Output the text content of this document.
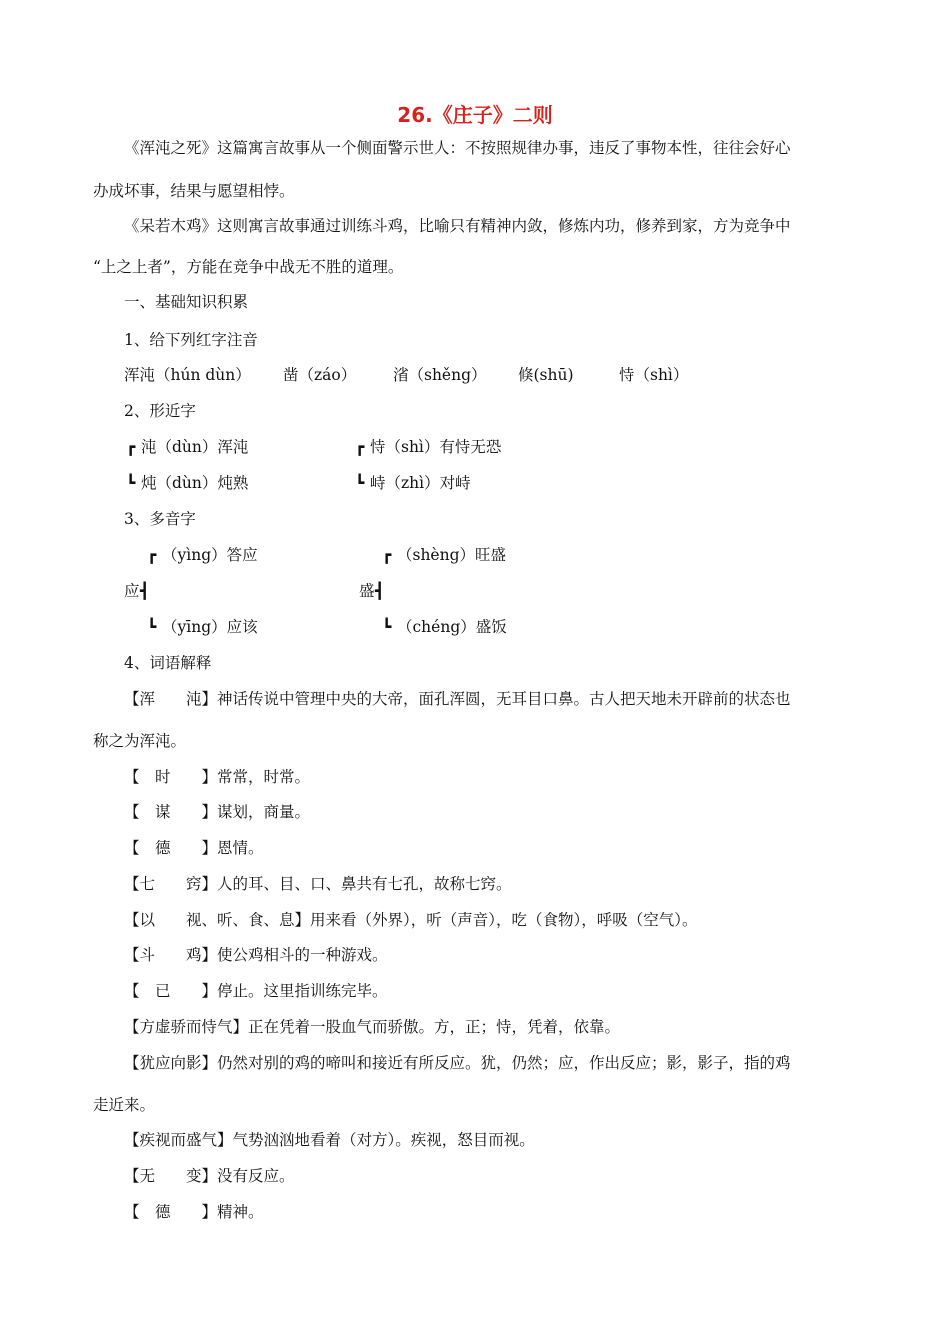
26.《庄子》二则
《浑沌之死》这篇寓言故事从一个侧面警示世人：不按照规律办事，违反了事物本性，往往会好心
办成坏事，结果与愿望相悖。
《呆若木鸡》这则寓言故事通过训练斗鸡，比喻只有精神内敛，修炼内功，修养到家，方为竞争中
“上之上者”，方能在竞争中战无不胜的道理。
一、基础知识积累
1、给下列红字注音
浑沌（hún dùn） 凿（záo） 渻（shěng） 倏(shū)	恃（shì）
2、形近字
┏ 沌（dùn）浑沌
┗ 炖（dùn）炖熟
┏ 恃（shì）有恃无恐
┗ 峙（zhì）对峙
3、多音字
┏ （yìng）答应
应 ┫
┗ （yīng）应该
┏ （shèng）旺盛
盛 ┫
┗ （chéng）盛饭
4、词语解释
【浑　　沌】神话传说中管理中央的大帝，面孔浑圆，无耳目口鼻。古人把天地未开辟前的状态也
称之为浑沌。
【　时　　】常常，时常。
【　谋　　】谋划，商量。
【　德　　】恩情。
【七　　窍】人的耳、目、口、鼻共有七孔，故称七窍。
【以　　视、听、食、息】用来看（外界），听（声音），吃（食物），呼吸（空气）。
【斗　　鸡】使公鸡相斗的一种游戏。
【　已　　】停止。这里指训练完毕。
【方虚骄而恃气】正在凭着一股血气而骄傲。方，正；恃，凭着，依靠。
【犹应向影】仍然对别的鸡的啼叫和接近有所反应。犹，仍然；应，作出反应；影，影子，指的鸡
走近来。
【疾视而盛气】气势汹汹地看着（对方）。疾视，怒目而视。
【无　　变】没有反应。
【　德　　】精神。
